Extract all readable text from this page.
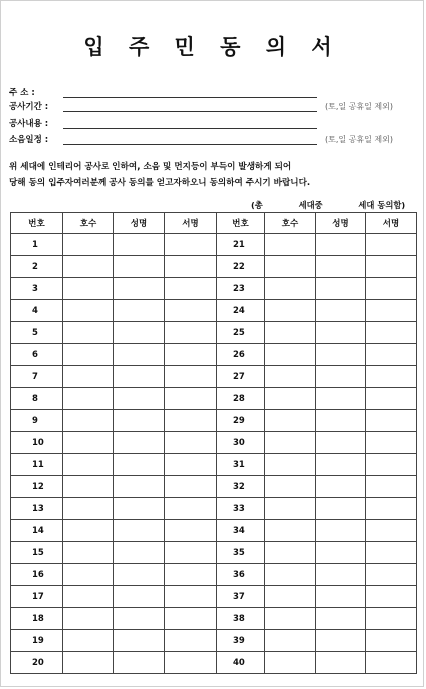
입 주 민 동 의 서
주 소 :
공사기간 :	(토,일 공휴일 제외)
공사내용 :
소음일정 :	(토,일 공휴일 제외)
위 세대에 인테리어 공사로 인하여, 소음 및 먼지등이 부득이 발생하게 되어
당해 동의 입주자여러분께 공사 동의를 얻고자하오니 동의하여 주시기 바랍니다.
(총	세대중	세대 동의함)
번호	호수	성명	서명	번호	호수	성명	서명
1				21			
2				22			
3				23			
4				24			
5				25			
6				26			
7				27			
8				28			
9				29			
10				30			
11				31			
12				32			
13				33			
14				34			
15				35			
16				36			
17				37			
18				38			
19				39			
20				40			
